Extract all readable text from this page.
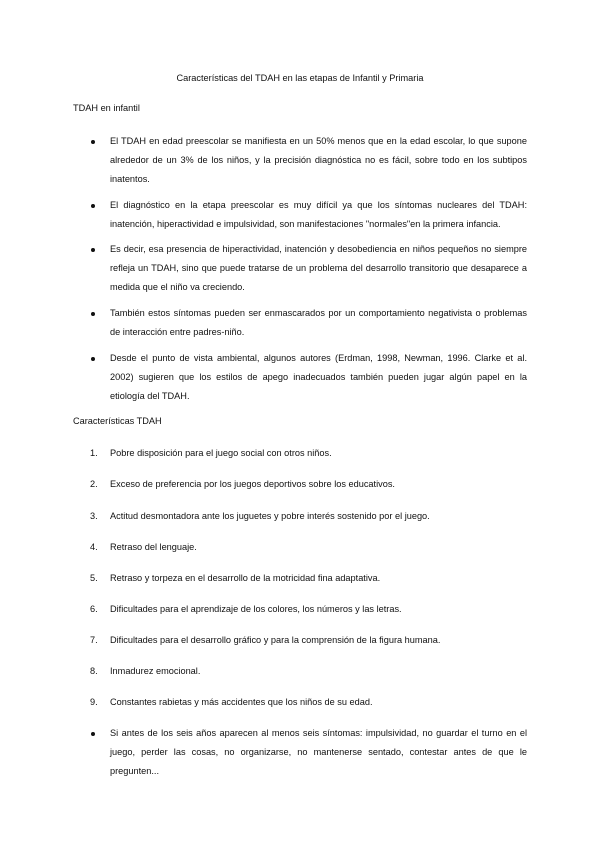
Características del TDAH en las etapas de Infantil y Primaria
TDAH en infantil
El TDAH en edad preescolar se manifiesta en un 50% menos que en la edad escolar, lo que supone alrededor de un 3% de los niños, y la precisión diagnóstica no es fácil, sobre todo en los subtipos inatentos.
El diagnóstico en la etapa preescolar es muy difícil ya que los síntomas nucleares del TDAH: inatención, hiperactividad e impulsividad, son manifestaciones "normales"en la primera infancia.
Es decir, esa presencia de hiperactividad, inatención y desobediencia en niños pequeños no siempre refleja un TDAH, sino que puede tratarse de un problema del desarrollo transitorio que desaparece a medida que el niño va creciendo.
También estos síntomas pueden ser enmascarados por un comportamiento negativista o problemas de interacción entre padres-niño.
Desde el punto de vista ambiental, algunos autores (Erdman, 1998, Newman, 1996. Clarke et al. 2002) sugieren que los estilos de apego inadecuados también pueden jugar algún papel en la etiología del TDAH.
Características TDAH
1. Pobre disposición para el juego social con otros niños.
2. Exceso de preferencia por los juegos deportivos sobre los educativos.
3. Actitud desmontadora ante los juguetes y pobre interés sostenido por el juego.
4. Retraso del lenguaje.
5. Retraso y torpeza en el desarrollo de la motricidad fina adaptativa.
6. Dificultades para el aprendizaje de los colores, los números y las letras.
7. Dificultades para el desarrollo gráfico y para la comprensión de la figura humana.
8. Inmadurez emocional.
9. Constantes rabietas y más accidentes que los niños de su edad.
Si antes de los seis años aparecen al menos seis síntomas: impulsividad, no guardar el turno en el juego, perder las cosas, no organizarse, no mantenerse sentado, contestar antes de que le pregunten...
